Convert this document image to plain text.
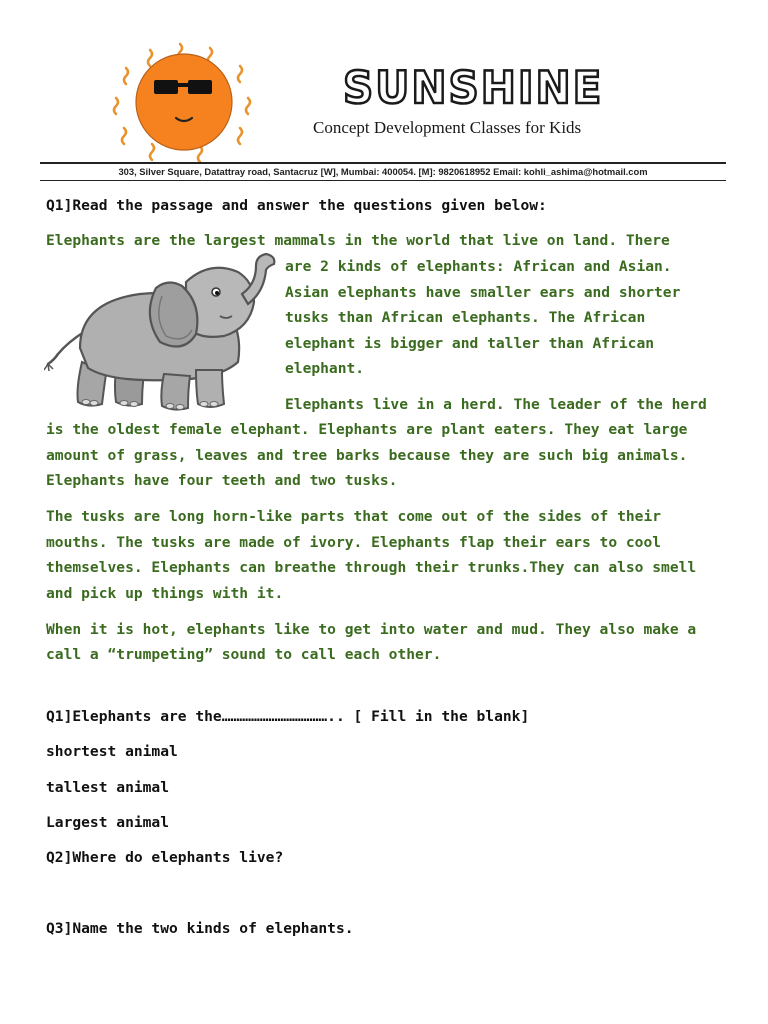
SUNSHINE
Concept Development Classes for Kids
303, Silver Square, Datattray road, Santacruz [W], Mumbai: 400054. [M]: 9820618952 Email: kohli_ashima@hotmail.com
Q1]Read the passage and answer the questions given below:
Elephants are the largest mammals in the world that live on land. There
are 2 kinds of elephants: African and Asian.
Asian elephants have smaller ears and shorter
tusks than African elephants. The African
elephant is bigger and taller than African
elephant.
Elephants live in a herd. The leader of the herd
is the oldest female elephant. Elephants are plant eaters. They eat large
amount of grass, leaves and tree barks because they are such big animals.
Elephants have four teeth and two tusks.
The tusks are long horn-like parts that come out of the sides of their
mouths. The tusks are made of ivory. Elephants flap their ears to cool
themselves. Elephants can breathe through their trunks.They can also smell
and pick up things with it.
When it is hot, elephants like to get into water and mud. They also make a
call a “trumpeting” sound to call each other.
Q1]Elephants are the……………………………….. [ Fill in the blank]
shortest animal
tallest animal
Largest animal
Q2]Where do elephants live?
Q3]Name the two kinds of elephants.
